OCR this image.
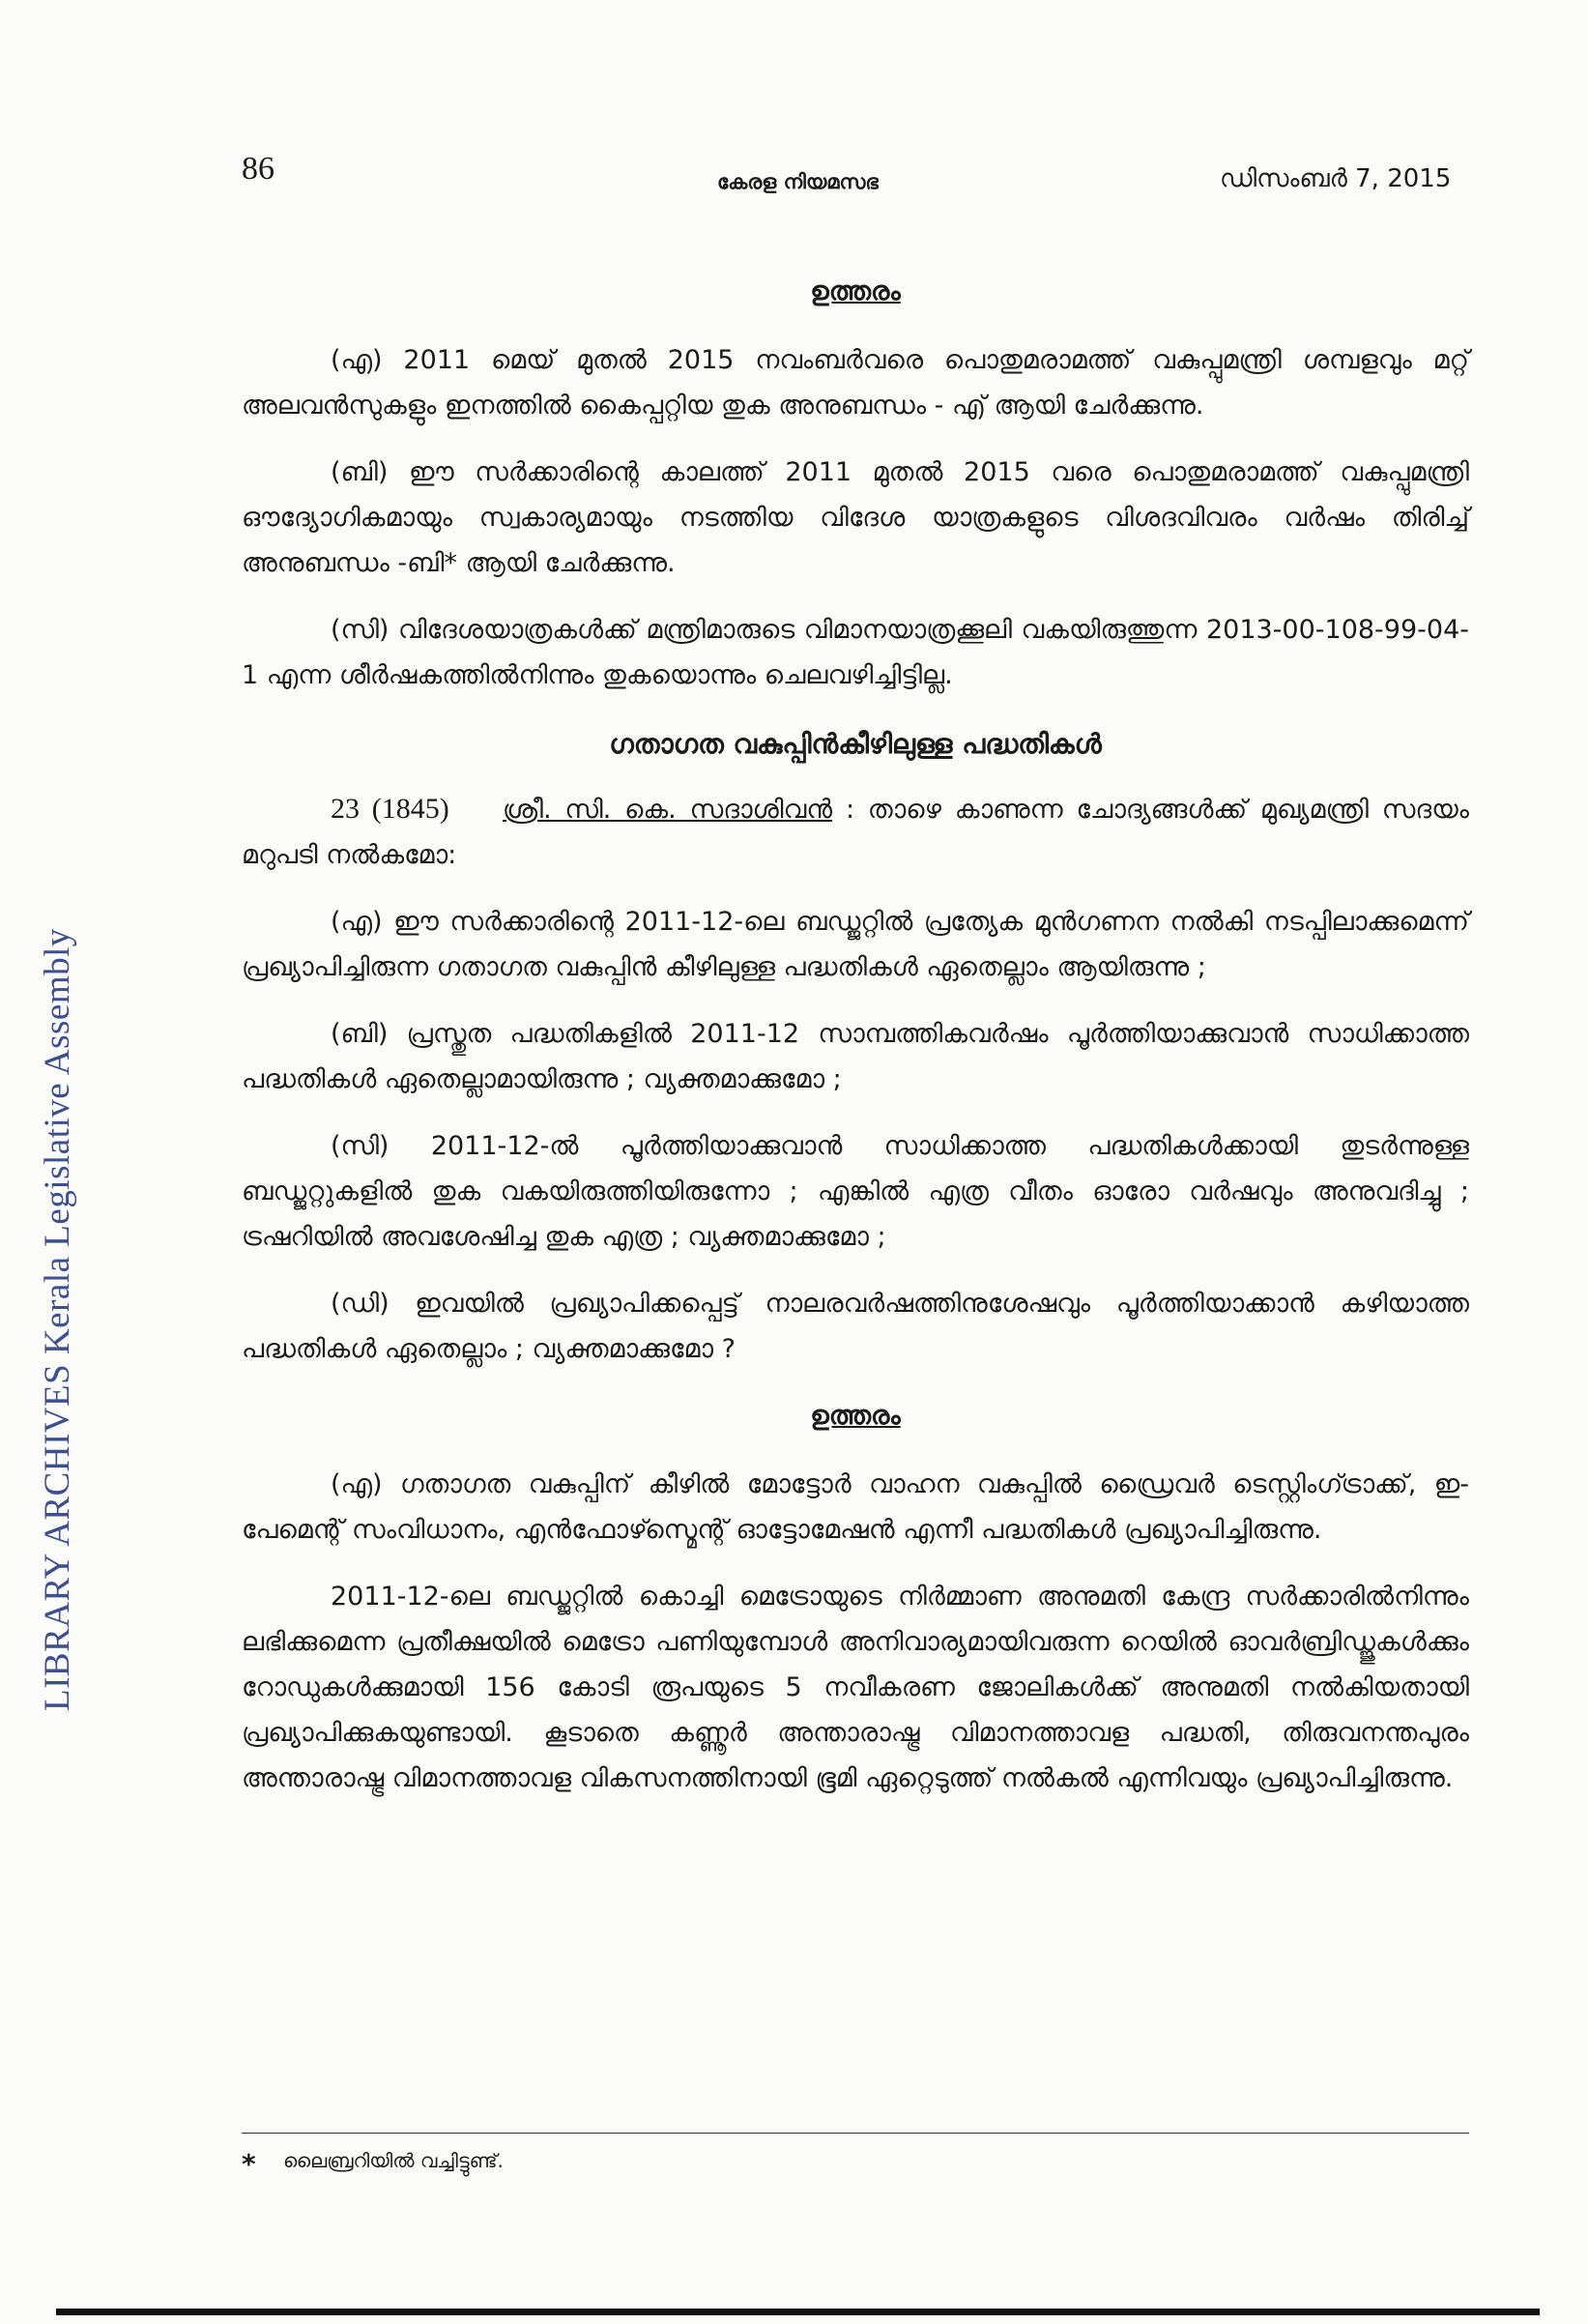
LIBRARY ARCHIVES Kerala Legislative Assembly
86	കേരള നിയമസഭ	ഡിസംബർ 7, 2015
ഉത്തരം

(എ) 2011 മെയ് മുതൽ 2015 നവംബർവരെ പൊതുമരാമത്ത് വകുപ്പുമന്ത്രി ശമ്പളവും മറ്റ് അലവൻസുകളും ഇനത്തിൽ കൈപ്പറ്റിയ തുക അനുബന്ധം - എ് ആയി ചേർക്കുന്നു.

(ബി) ഈ സർക്കാരിന്റെ കാലത്ത് 2011 മുതൽ 2015 വരെ പൊതുമരാമത്ത് വകുപ്പുമന്ത്രി ഔദ്യോഗികമായും സ്വകാര്യമായും നടത്തിയ വിദേശ യാത്രകളുടെ വിശദവിവരം വർഷം തിരിച്ച് അനുബന്ധം -ബി* ആയി ചേർക്കുന്നു.

(സി) വിദേശയാത്രകൾക്ക് മന്ത്രിമാരുടെ വിമാനയാത്രക്കൂലി വകയിരുത്തുന്ന 2013-00-108-99-04-1 എന്ന ശീർഷകത്തിൽനിന്നും തുകയൊന്നും ചെലവഴിച്ചിട്ടില്ല.

ഗതാഗത വകുപ്പിൻകീഴിലുള്ള പദ്ധതികൾ

23 (1845) ശ്രീ. സി. കെ. സദാശിവൻ : താഴെ കാണുന്ന ചോദ്യങ്ങൾക്ക് മുഖ്യമന്ത്രി സദയം മറുപടി നൽകമോ:

(എ) ഈ സർക്കാരിന്റെ 2011-12-ലെ ബഡ്ജറ്റിൽ പ്രത്യേക മുൻഗണന നൽകി നടപ്പിലാക്കുമെന്ന് പ്രഖ്യാപിച്ചിരുന്ന ഗതാഗത വകുപ്പിൻ കീഴിലുള്ള പദ്ധതികൾ ഏതെല്ലാം ആയിരുന്നു ;

(ബി) പ്രസ്തുത പദ്ധതികളിൽ 2011-12 സാമ്പത്തികവർഷം പൂർത്തിയാക്കുവാൻ സാധിക്കാത്ത പദ്ധതികൾ ഏതെല്ലാമായിരുന്നു ; വ്യക്തമാക്കുമോ ;

(സി) 2011-12-ൽ പൂർത്തിയാക്കുവാൻ സാധിക്കാത്ത പദ്ധതികൾക്കായി തുടർന്നുള്ള ബഡ്ജറ്റുകളിൽ തുക വകയിരുത്തിയിരുന്നോ ; എങ്കിൽ എത്ര വീതം ഓരോ വർഷവും അനുവദിച്ചു ; ട്രഷറിയിൽ അവശേഷിച്ച തുക എത്ര ; വ്യക്തമാക്കുമോ ;

(ഡി) ഇവയിൽ പ്രഖ്യാപിക്കപ്പെട്ട് നാലരവർഷത്തിനുശേഷവും പൂർത്തിയാക്കാൻ കഴിയാത്ത പദ്ധതികൾ ഏതെല്ലാം ; വ്യക്തമാക്കുമോ ?

ഉത്തരം

(എ) ഗതാഗത വകുപ്പിന് കീഴിൽ മോട്ടോർ വാഹന വകുപ്പിൽ ഡ്രൈവർ ടെസ്റ്റിംഗ്ട്രാക്ക്, ഇ-പേമെന്റ് സംവിധാനം, എൻഫോഴ്സ്മെന്റ് ഓട്ടോമേഷൻ എന്നീ പദ്ധതികൾ പ്രഖ്യാപിച്ചിരുന്നു.

2011-12-ലെ ബഡ്ജറ്റിൽ കൊച്ചി മെട്രോയുടെ നിർമ്മാണ അനുമതി കേന്ദ്ര സർക്കാരിൽനിന്നും ലഭിക്കുമെന്ന പ്രതീക്ഷയിൽ മെട്രോ പണിയുമ്പോൾ അനിവാര്യമായിവരുന്ന റെയിൽ ഓവർബ്രിഡ്ജുകൾക്കും റോഡുകൾക്കുമായി 156 കോടി രൂപയുടെ 5 നവീകരണ ജോലികൾക്ക് അനുമതി നൽകിയതായി പ്രഖ്യാപിക്കുകയുണ്ടായി. കൂടാതെ കണ്ണൂർ അന്താരാഷ്ട്ര വിമാനത്താവള പദ്ധതി, തിരുവനന്തപുരം അന്താരാഷ്ട്ര വിമാനത്താവള വികസനത്തിനായി ഭൂമി ഏറ്റെടുത്ത് നൽകൽ എന്നിവയും പ്രഖ്യാപിച്ചിരുന്നു.

* ലൈബ്രറിയിൽ വച്ചിട്ടുണ്ട്.
